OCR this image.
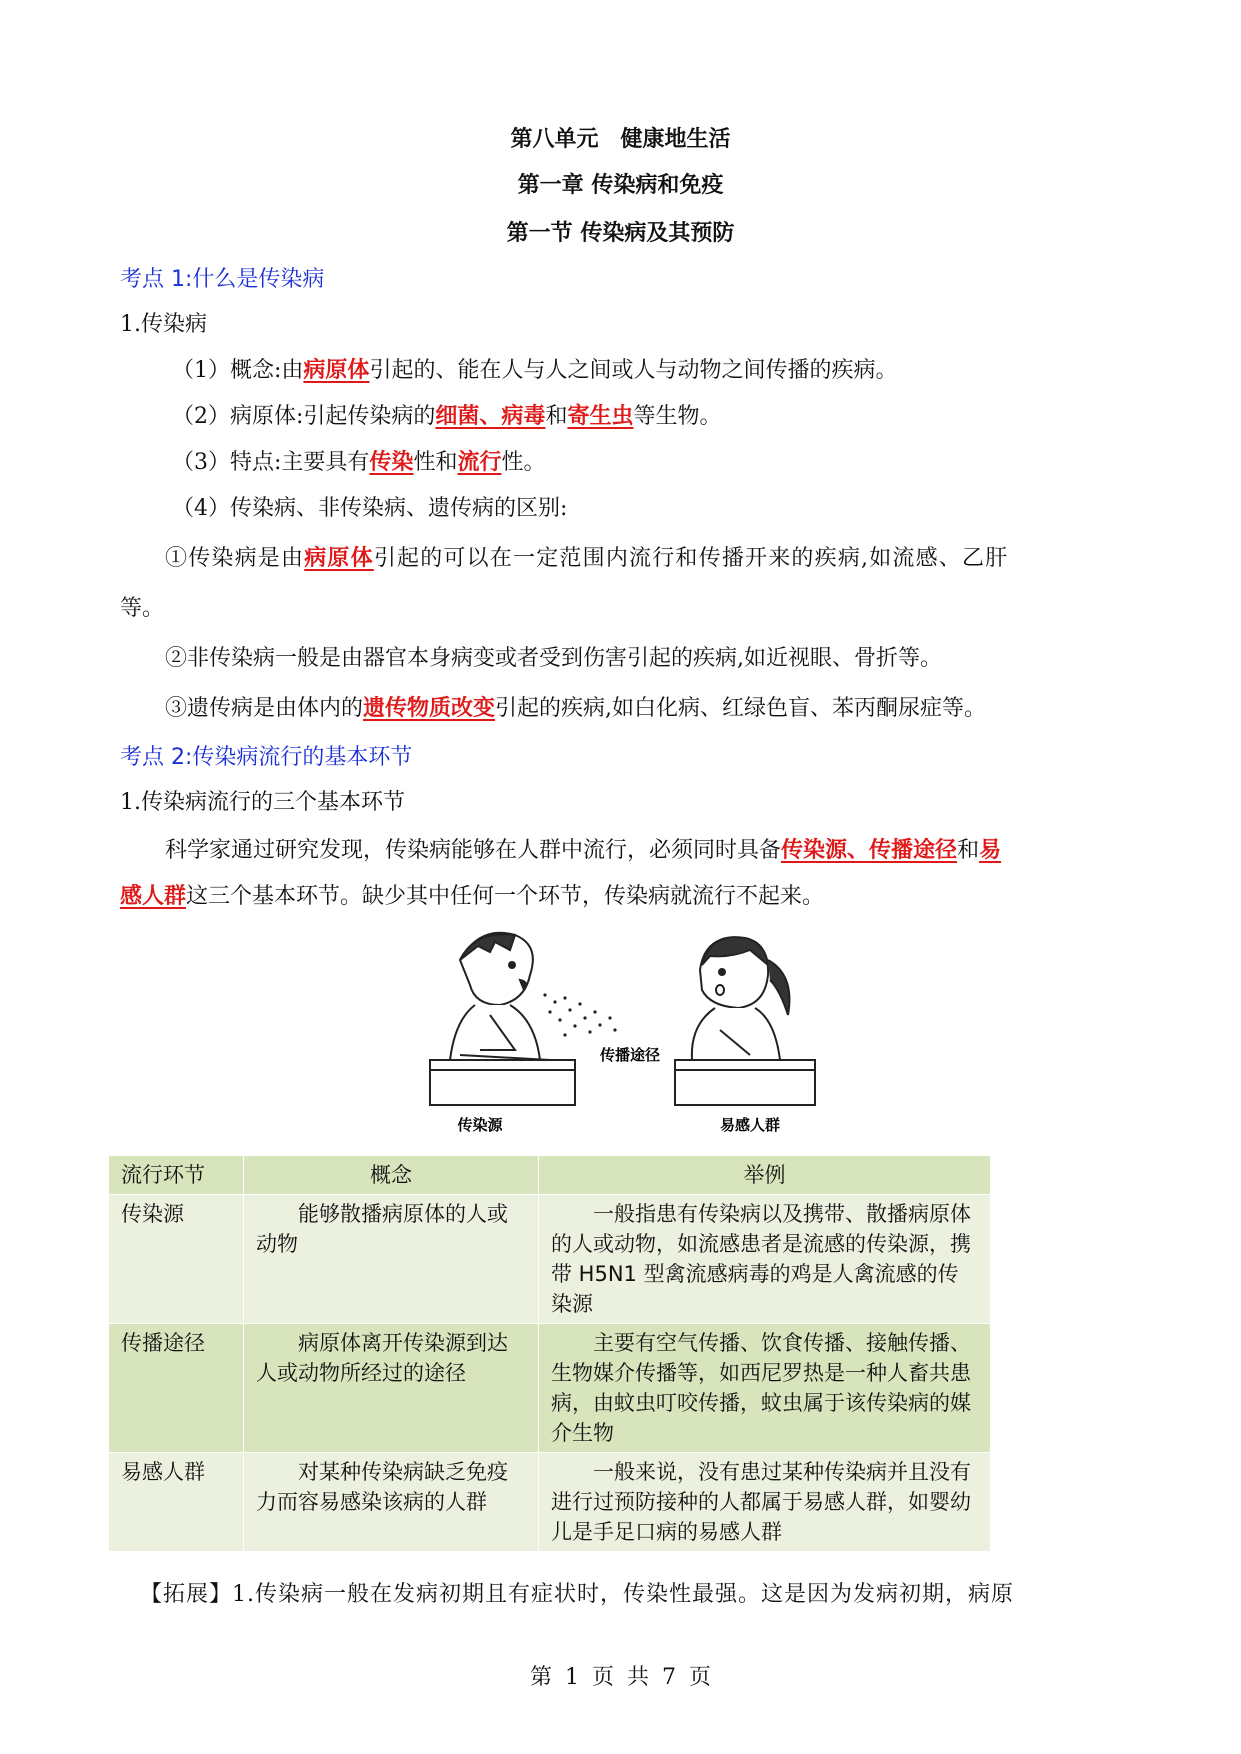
第八单元　健康地生活
第一章 传染病和免疫
第一节 传染病及其预防
考点 1:什么是传染病
1.传染病
（1）概念:由病原体引起的、能在人与人之间或人与动物之间传播的疾病。
（2）病原体:引起传染病的细菌、病毒和寄生虫等生物。
（3）特点:主要具有传染性和流行性。
（4）传染病、非传染病、遗传病的区别:
①传染病是由病原体引起的可以在一定范围内流行和传播开来的疾病,如流感、乙肝
等。
②非传染病一般是由器官本身病变或者受到伤害引起的疾病,如近视眼、骨折等。
③遗传病是由体内的遗传物质改变引起的疾病,如白化病、红绿色盲、苯丙酮尿症等。
考点 2:传染病流行的基本环节
1.传染病流行的三个基本环节
科学家通过研究发现，传染病能够在人群中流行，必须同时具备传染源、传播途径和易
感人群这三个基本环节。缺少其中任何一个环节，传染病就流行不起来。
传染源
传播途径
易感人群
流行环节	概念	举例
传染源	能够散播病原体的人或动物	一般指患有传染病以及携带、散播病原体的人或动物，如流感患者是流感的传染源，携带 H5N1 型禽流感病毒的鸡是人禽流感的传染源
传播途径	病原体离开传染源到达人或动物所经过的途径	主要有空气传播、饮食传播、接触传播、生物媒介传播等，如西尼罗热是一种人畜共患病，由蚊虫叮咬传播，蚊虫属于该传染病的媒介生物
易感人群	对某种传染病缺乏免疫力而容易感染该病的人群	一般来说，没有患过某种传染病并且没有进行过预防接种的人都属于易感人群，如婴幼儿是手足口病的易感人群
【拓展】1.传染病一般在发病初期且有症状时，传染性最强。这是因为发病初期，病原
第 1 页 共 7 页
